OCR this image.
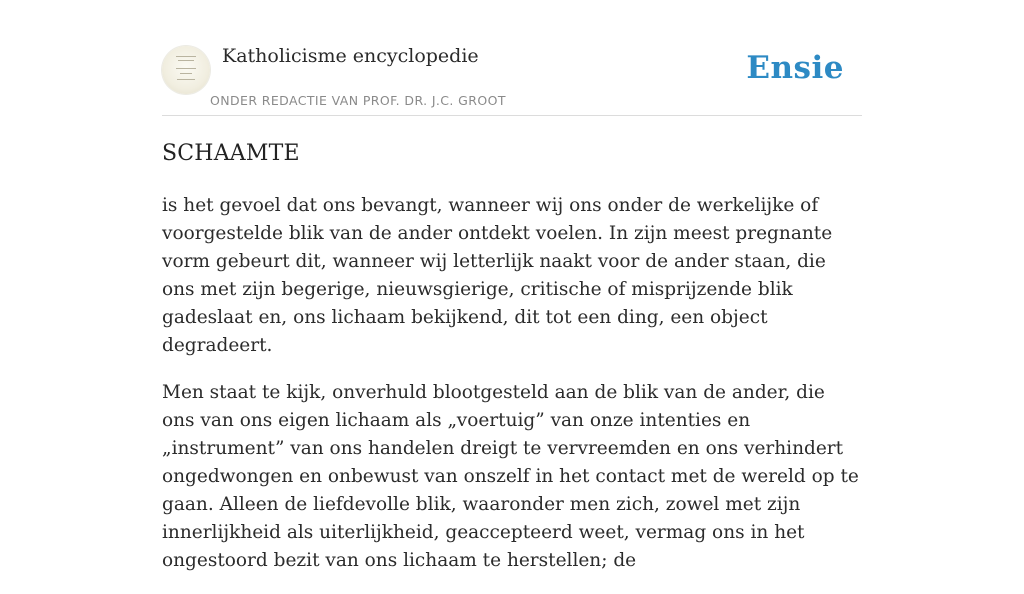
Katholicisme encyclopedie
ONDER REDACTIE VAN PROF. DR. J.C. GROOT
Ensie
SCHAAMTE

is het gevoel dat ons bevangt, wanneer wij ons onder de werkelijke of voorgestelde blik van de ander ontdekt voelen. In zijn meest pregnante vorm gebeurt dit, wanneer wij letterlijk naakt voor de ander staan, die ons met zijn begerige, nieuwsgierige, critische of misprijzende blik gadeslaat en, ons lichaam bekijkend, dit tot een ding, een object degradeert.

Men staat te kijk, onverhuld blootgesteld aan de blik van de ander, die ons van ons eigen lichaam als „voertuig” van onze intenties en „instrument” van ons handelen dreigt te vervreemden en ons verhindert ongedwongen en onbewust van onszelf in het contact met de wereld op te gaan. Alleen de liefdevolle blik, waaronder men zich, zowel met zijn innerlijkheid als uiterlijkheid, geaccepteerd weet, vermag ons in het ongestoord bezit van ons lichaam te herstellen; de
